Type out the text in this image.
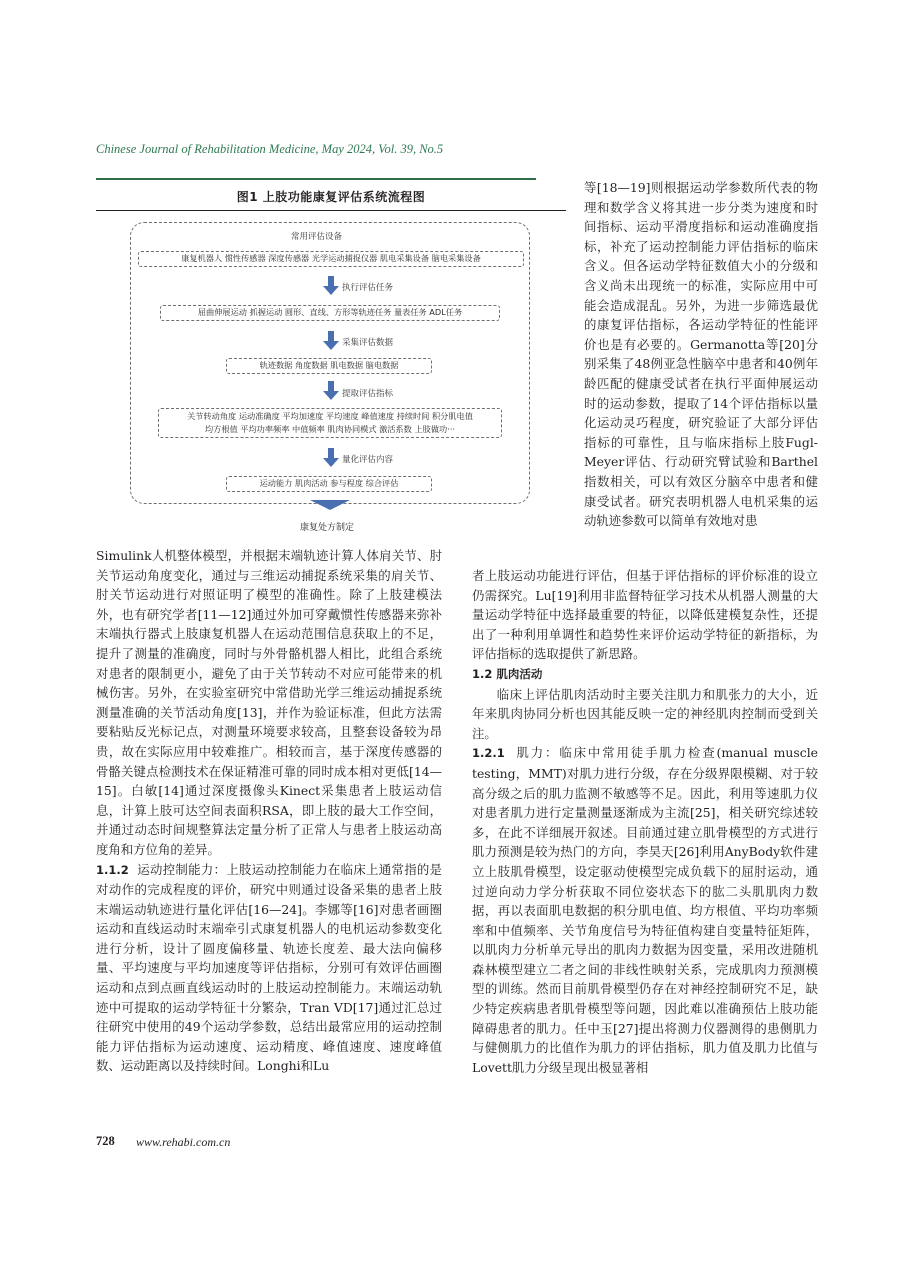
Chinese Journal of Rehabilitation Medicine, May 2024, Vol. 39, No.5
图1 上肢功能康复评估系统流程图
常用评估设备
康复机器人 惯性传感器 深度传感器 光学运动捕捉仪器 肌电采集设备 脑电采集设备
执行评估任务
屈曲伸展运动 抓握运动 圆形、直线、方形等轨迹任务 量表任务 ADL任务
采集评估数据
轨迹数据 角度数据 肌电数据 脑电数据
提取评估指标
关节转动角度 运动准确度 平均加速度 平均速度 峰值速度 持续时间 积分肌电值
均方根值 平均功率频率 中值频率 肌肉协同模式 激活系数 上肢做功···
量化评估内容
运动能力 肌肉活动 参与程度 综合评估
康复处方制定

Simulink人机整体模型，并根据末端轨迹计算人体肩关节、肘关节运动角度变化，通过与三维运动捕捉系统采集的肩关节、肘关节运动进行对照证明了模型的准确性。除了上肢建模法外，也有研究学者[11—12]通过外加可穿戴惯性传感器来弥补末端执行器式上肢康复机器人在运动范围信息获取上的不足，提升了测量的准确度，同时与外骨骼机器人相比，此组合系统对患者的限制更小，避免了由于关节转动不对应可能带来的机械伤害。另外，在实验室研究中常借助光学三维运动捕捉系统测量准确的关节活动角度[13]，并作为验证标准，但此方法需要粘贴反光标记点，对测量环境要求较高，且整套设备较为昂贵，故在实际应用中较难推广。相较而言，基于深度传感器的骨骼关键点检测技术在保证精准可靠的同时成本相对更低[14—15]。白敏[14]通过深度摄像头Kinect采集患者上肢运动信息，计算上肢可达空间表面积RSA，即上肢的最大工作空间，并通过动态时间规整算法定量分析了正常人与患者上肢运动高度角和方位角的差异。

1.1.2 运动控制能力：上肢运动控制能力在临床上通常指的是对动作的完成程度的评价，研究中则通过设备采集的患者上肢末端运动轨迹进行量化评估[16—24]。李娜等[16]对患者画圈运动和直线运动时末端牵引式康复机器人的电机运动参数变化进行分析，设计了圆度偏移量、轨迹长度差、最大法向偏移量、平均速度与平均加速度等评估指标，分别可有效评估画圈运动和点到点画直线运动时的上肢运动控制能力。末端运动轨迹中可提取的运动学特征十分繁杂，Tran VD[17]通过汇总过往研究中使用的49个运动学参数，总结出最常应用的运动控制能力评估指标为运动速度、运动精度、峰值速度、速度峰值数、运动距离以及持续时间。Longhi和Lu

等[18—19]则根据运动学参数所代表的物理和数学含义将其进一步分类为速度和时间指标、运动平滑度指标和运动准确度指标，补充了运动控制能力评估指标的临床含义。但各运动学特征数值大小的分级和含义尚未出现统一的标准，实际应用中可能会造成混乱。另外，为进一步筛选最优的康复评估指标，各运动学特征的性能评价也是有必要的。Germanotta等[20]分别采集了48例亚急性脑卒中患者和40例年龄匹配的健康受试者在执行平面伸展运动时的运动参数，提取了14个评估指标以量化运动灵巧程度，研究验证了大部分评估指标的可靠性，且与临床指标上肢Fugl-Meyer评估、行动研究臂试验和Barthel指数相关，可以有效区分脑卒中患者和健康受试者。研究表明机器人电机采集的运动轨迹参数可以简单有效地对患

者上肢运动功能进行评估，但基于评估指标的评价标准的设立仍需探究。Lu[19]利用非监督特征学习技术从机器人测量的大量运动学特征中选择最重要的特征，以降低建模复杂性，还提出了一种利用单调性和趋势性来评价运动学特征的新指标，为评估指标的选取提供了新思路。

1.2 肌肉活动

临床上评估肌肉活动时主要关注肌力和肌张力的大小，近年来肌肉协同分析也因其能反映一定的神经肌肉控制而受到关注。

1.2.1 肌力：临床中常用徒手肌力检查(manual muscle testing，MMT)对肌力进行分级，存在分级界限模糊、对于较高分级之后的肌力监测不敏感等不足。因此，利用等速肌力仪对患者肌力进行定量测量逐渐成为主流[25]，相关研究综述较多，在此不详细展开叙述。目前通过建立肌骨模型的方式进行肌力预测是较为热门的方向，李昊天[26]利用AnyBody软件建立上肢肌骨模型，设定驱动使模型完成负载下的屈肘运动，通过逆向动力学分析获取不同位姿状态下的肱二头肌肌肉力数据，再以表面肌电数据的积分肌电值、均方根值、平均功率频率和中值频率、关节角度信号为特征值构建自变量特征矩阵，以肌肉力分析单元导出的肌肉力数据为因变量，采用改进随机森林模型建立二者之间的非线性映射关系，完成肌肉力预测模型的训练。然而目前肌骨模型仍存在对神经控制研究不足，缺少特定疾病患者肌骨模型等问题，因此难以准确预估上肢功能障碍患者的肌力。任中玉[27]提出将测力仪器测得的患侧肌力与健侧肌力的比值作为肌力的评估指标，肌力值及肌力比值与Lovett肌力分级呈现出极显著相

728 www.rehabi.com.cn
